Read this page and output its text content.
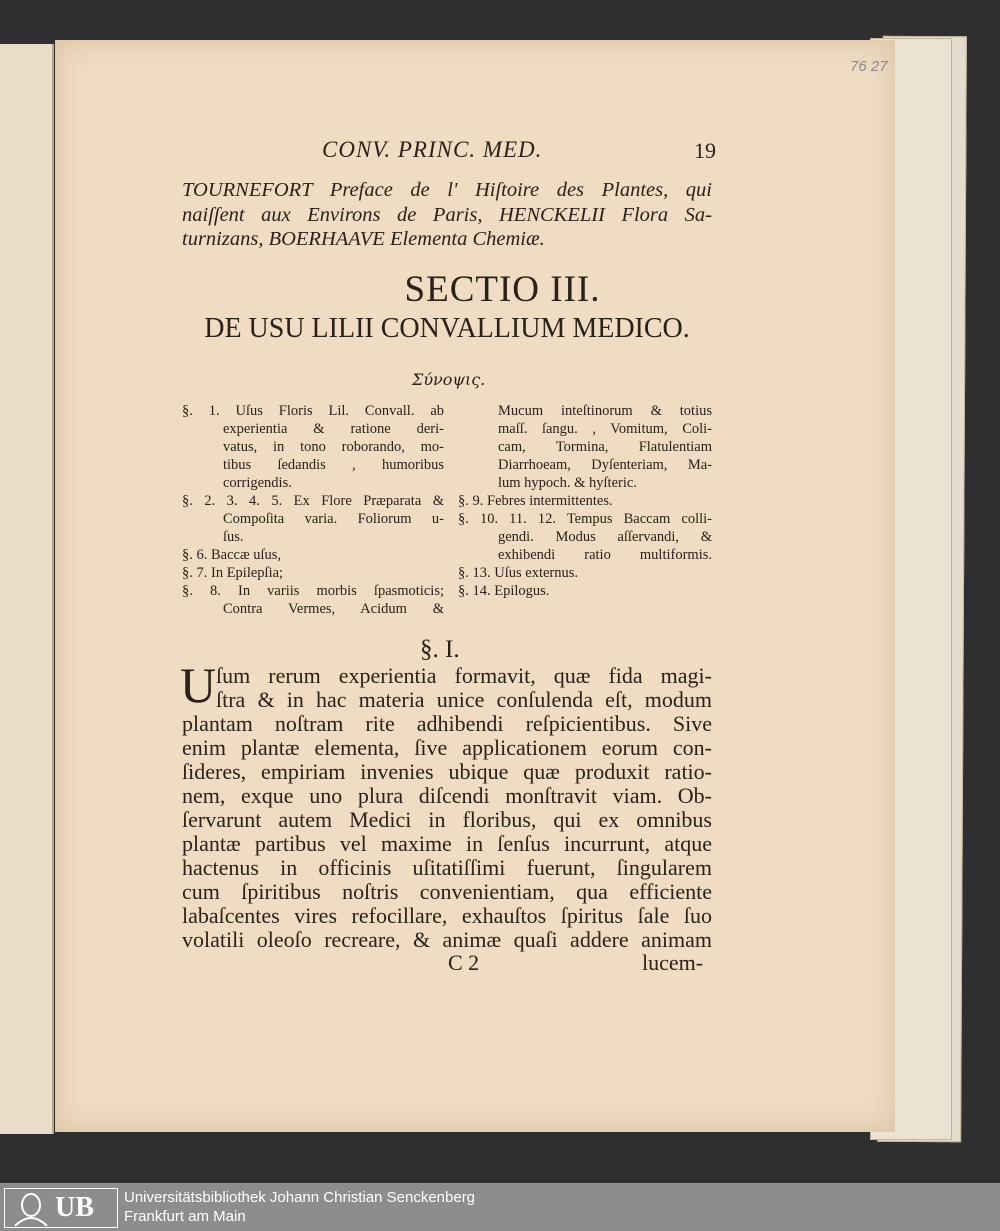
76 27
CONV. PRINC. MED.	19
TOURNEFORT Preface de l' Hiſtoire des Plantes, qui
naiſſent aux Environs de Paris, HENCKELII Flora Sa-
turnizans, BOERHAAVE Elementa Chemiæ.
SECTIO III.
DE USU LILII CONVALLIUM MEDICO.
Σύνοψις.
§. 1. Uſus Floris Lil. Convall. ab
experientia & ratione deri-
vatus, in tono roborando, mo-
tibus ſedandis , humoribus
corrigendis.
§. 2. 3. 4. 5. Ex Flore Præparata &
Compoſita varia. Foliorum u-
ſus.
§. 6. Baccæ uſus,
§. 7. In Epilepſia;
§. 8. In variis morbis ſpasmoticis;
Contra Vermes, Acidum &
Mucum inteſtinorum & totius
maſſ. ſangu. , Vomitum, Coli-
cam, Tormina, Flatulentiam
Diarrhoeam, Dyſenteriam, Ma-
lum hypoch. & hyſteric.
§. 9. Febres intermittentes.
§. 10. 11. 12. Tempus Baccam colli-
gendi. Modus aſſervandi, &
exhibendi ratio multiformis.
§. 13. Uſus externus.
§. 14. Epilogus.
§. I.
U ſum rerum experientia formavit, quæ fida magi-
ſtra & in hac materia unice conſulenda eſt, modum
plantam noſtram rite adhibendi reſpicientibus. Sive
enim plantæ elementa, ſive applicationem eorum con-
ſideres, empiriam invenies ubique quæ produxit ratio-
nem, exque uno plura diſcendi monſtravit viam. Ob-
ſervarunt autem Medici in floribus, qui ex omnibus
plantæ partibus vel maxime in ſenſus incurrunt, atque
hactenus in officinis uſitatiſſimi fuerunt, ſingularem
cum ſpiritibus noſtris convenientiam, qua efficiente
labaſcentes vires refocillare, exhauſtos ſpiritus ſale ſuo
volatili oleoſo recreare, & animæ quaſi addere animam
C 2	lucem-
UB Universitätsbibliothek Johann Christian Senckenberg
Frankfurt am Main
